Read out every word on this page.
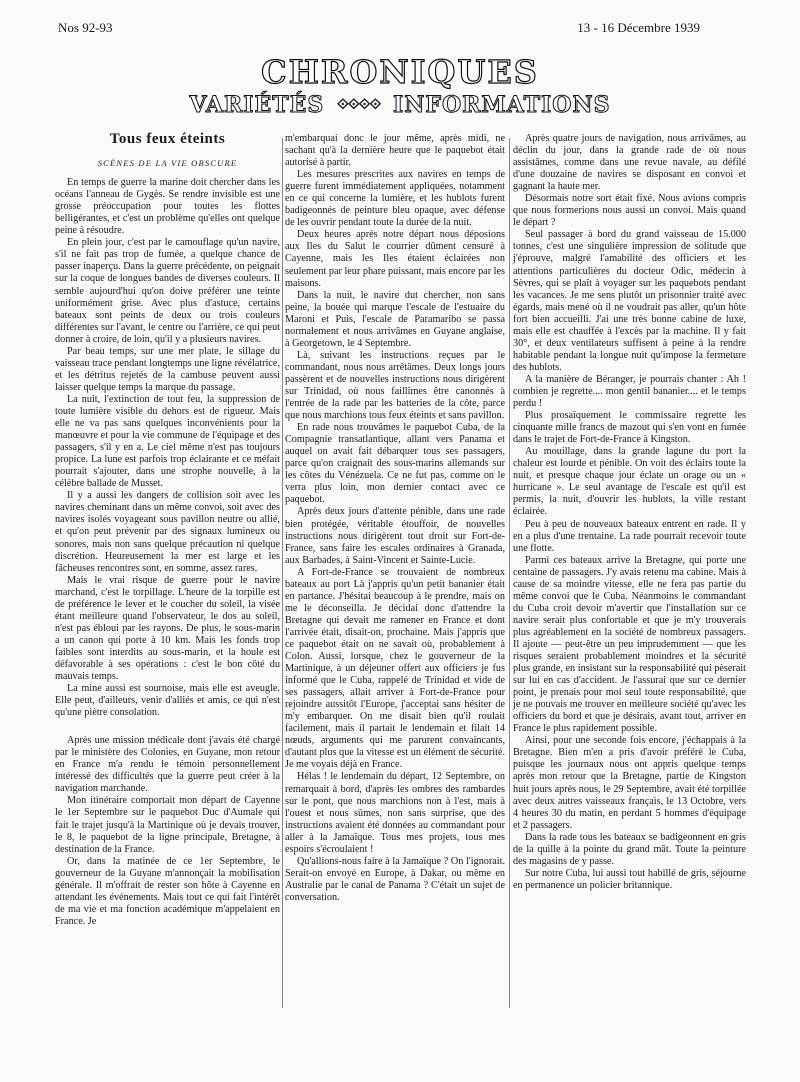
Nos 92-93	13 - 16 Décembre 1939
CHRONIQUES
VARIÉTÉS ⟐⟐⟐⟐ INFORMATIONS
Tous feux éteints
SCÈNES DE LA VIE OBSCURE

En temps de guerre la marine doit chercher dans les océans l'anneau de Gygès. Se rendre invisible est une grosse préoccupation pour toutes les flottes belligérantes, et c'est un problème qu'elles ont quelque peine à résoudre.

En plein jour, c'est par le camouflage qu'un navire, s'il ne fait pas trop de fumée, a quelque chance de passer inaperçu. Dans la guerre précédente, on peignait sur la coque de longues bandes de diverses couleurs. Il semble aujourd'hui qu'on doive préférer une teinte uniformément grise. Avec plus d'astuce, certains bateaux sont peints de deux ou trois couleurs différentes sur l'avant, le centre ou l'arrière, ce qui peut donner à croire, de loin, qu'il y a plusieurs navires.

Par beau temps, sur une mer plate, le sillage du vaisseau trace pendant longtemps une ligne révélatrice, et les détritus rejetés de la cambuse peuvent aussi laisser quelque temps la marque du passage.

La nuit, l'extinction de tout feu, la suppression de toute lumière visible du dehors est de rigueur. Mais elle ne va pas sans quelques inconvénients pour la manœuvre et pour la vie commune de l'équipage et des passagers, s'il y en a. Le ciel même n'est pas toujours propice. La lune est parfois trop éclairante et ce méfait pourrait s'ajouter, dans une strophe nouvelle, à la célèbre ballade de Musset.

Il y a aussi les dangers de collision soit avec les navires cheminant dans un même convoi, soit avec des navires isolés voyageant sous pavillon neutre ou allié, et qu'on peut prévenir par des signaux lumineux ou sonores, mais non sans quelque précaution ni quelque discrétion. Heureusement la mer est large et les fâcheuses rencontres sont, en somme, assez rares.

Mais le vrai risque de guerre pour le navire marchand, c'est le torpillage. L'heure de la torpille est de préférence le lever et le coucher du soleil, la visée étant meilleure quand l'observateur, le dos au soleil, n'est pas ébloui par les rayons. De plus, le sous-marin a un canon qui porte à 10 km. Mais les fonds trop faibles sont interdits au sous-marin, et la houle est défavorable à ses opérations : c'est le bon côté du mauvais temps.

La mine aussi est sournoise, mais elle est aveugle. Elle peut, d'ailleurs, venir d'alliés et amis, ce qui n'est qu'une piètre consolation.

Après une mission médicale dont j'avais été chargé par le ministère des Colonies, en Guyane, mon retour en France m'a rendu le témoin personnellement intéressé des difficultés que la guerre peut créer à la navigation marchande.

Mon itinéraire comportait mon départ de Cayenne le 1er Septembre sur le paquebot Duc d'Aumale qui fait le trajet jusqu'à la Martinique où je devais trouver, le 8, le paquebot de la ligne principale, Bretagne, à destination de la France.

Or, dans la matinée de ce 1er Septembre, le gouverneur de la Guyane m'annonçait la mobilisation générale. Il m'offrait de rester son hôte à Cayenne en attendant les événements. Mais tout ce qui fait l'intérêt de ma vie et ma fonction académique m'appelaient en France. Je

m'embarquai donc le jour même, après midi, ne sachant qu'à la dernière heure que le paquebot était autorisé à partir.

Les mesures prescrites aux navires en temps de guerre furent immédiatement appliquées, notamment en ce qui concerne la lumière, et les hublots furent badigeonnés de peinture bleu opaque, avec défense de les ouvrir pendant toute la durée de la nuit.

Deux heures après notre départ nous déposions aux Iles du Salut le courrier dûment censuré à Cayenne, mais les Iles étaient éclairées non seulement par leur phare puissant, mais encore par les maisons.

Dans la nuit, le navire dut chercher, non sans peine, la bouée qui marque l'escale de l'estuaire du Maroni et Puis, l'escale de Paramaribo se passa normalement et nous arrivâmes en Guyane anglaise, à Georgetown, le 4 Septembre.

Là, suivant les instructions reçues par le commandant, nous nous arrêtâmes. Deux longs jours passèrent et de nouvelles instructions nous dirigèrent sur Trinidad, où nous faillîmes être canonnés à l'entrée de la rade par les batteries de la côte, parce que nous marchions tous feux éteints et sans pavillon.

En rade nous trouvâmes le paquebot Cuba, de la Compagnie transatlantique, allant vers Panama et auquel on avait fait débarquer tous ses passagers, parce qu'on craignait des sous-marins allemands sur les côtes du Vénézuela. Ce ne fut pas, comme on le verra plus loin, mon dernier contact avec ce paquebot.

Après deux jours d'attente pénible, dans une rade bien protégée, véritable étouffoir, de nouvelles instructions nous dirigèrent tout droit sur Fort-de-France, sans faire les escales ordinaires à Granada, aux Barbades, à Saint-Vincent et Sainte-Lucie.

A Fort-de-France se trouvaient de nombreux bateaux au port Là j'appris qu'un petit bananier était en partance. J'hésitai beaucoup à le prendre, mais on me le déconseilla. Je décidai donc d'attendre la Bretagne qui devait me ramener en France et dont l'arrivée était, disait-on, prochaine. Mais j'appris que ce paquebot était on ne savait où, probablement à Colon. Aussi, lorsque, chez le gouverneur de la Martinique, à un déjeuner offert aux officiers je fus informé que le Cuba, rappelé de Trinidad et vide de ses passagers, allait arriver à Fort-de-France pour rejoindre aussitôt l'Europe, j'acceptai sans hésiter de m'y embarquer. On me disait bien qu'il roulait facilement, mais il partait le lendemain et filait 14 nœuds, arguments qui me parurent convaincants, d'autant plus que la vitesse est un élément de sécurité. Je me voyais déjà en France.

Hélas ! le lendemain du départ, 12 Septembre, on remarquait à bord, d'après les ombres des rambardes sur le pont, que nous marchions non à l'est, mais à l'ouest et nous sûmes, non sans surprise, que des instructions avaient été données au commandant pour aller à la Jamaïque. Tous mes projets, tous mes espoirs s'écroulaient !

Qu'allions-nous faire à la Jamaïque ? On l'ignorait. Serait-on envoyé en Europe, à Dakar, ou même en Australie par le canal de Panama ? C'était un sujet de conversation.

Après quatre jours de navigation, nous arrivâmes, au déclin du jour, dans la grande rade de où nous assistâmes, comme dans une revue navale, au défilé d'une douzaine de navires se disposant en convoi et gagnant la haute mer.

Désormais notre sort était fixé. Nous avions compris que nous formerions nous aussi un convoi. Mais quand le départ ?

Seul passager à bord du grand vaisseau de 15.000 tonnes, c'est une singulière impression de solitude que j'éprouve, malgré l'amabilité des officiers et les attentions particulières du docteur Odic, médecin à Sèvres, qui se plaît à voyager sur les paquebots pendant les vacances. Je me sens plutôt un prisonnier traité avec égards, mais mené où il ne voudrait pas aller, qu'un hôte fort bien accueilli. J'ai une très bonne cabine de luxe, mais elle est chauffée à l'excès par la machine. Il y fait 30°, et deux ventilateurs suffisent à peine à la rendre habitable pendant la longue nuit qu'impose la fermeture des hublots.

A la manière de Béranger, je pourrais chanter : Ah ! combien je regrette.... mon gentil bananier.... et le temps perdu !

Plus prosaïquement le commissaire regrette les cinquante mille francs de mazout qui s'en vont en fumée dans le trajet de Fort-de-France à Kingston.

Au mouillage, dans la grande lagune du port la chaleur est lourde et pénible. On voit des éclairs toute la nuit, et presque chaque jour éclate un orage ou un « hurricane ». Le seul avantage de l'escale est qu'il est permis, la nuit, d'ouvrir les hublots, la ville restant éclairée.

Peu à peu de nouveaux bateaux entrent en rade. Il y en a plus d'une trentaine. La rade pourrait recevoir toute une flotte.

Parmi ces bateaux arrive la Bretagne, qui porte une centaine de passagers. J'y avais retenu ma cabine. Mais à cause de sa moindre vitesse, elle ne fera pas partie du même convoi que le Cuba. Néanmoins le commandant du Cuba croit devoir m'avertir que l'installation sur ce navire serait plus confortable et que je m'y trouverais plus agréablement en la société de nombreux passagers. Il ajoute — peut-être un peu imprudemment — que les risques seraient probablement moindres et la sécurité plus grande, en insistant sur la responsabilité qui pèserait sur lui en cas d'accident. Je l'assurai que sur ce dernier point, je prenais pour moi seul toute responsabilité, que je ne pouvais me trouver en meilleure société qu'avec les officiers du bord et que je désirais, avant tout, arriver en France le plus rapidement possible.

Ainsi, pour une seconde fois encore, j'échappais à la Bretagne. Bien m'en a pris d'avoir préféré le Cuba, puisque les journaux nous ont appris quelque temps après mon retour que la Bretagne, partie de Kingston huit jours après nous, le 29 Septembre, avait été torpillée avec deux autres vaisseaux français, le 13 Octobre, vers 4 heures 30 du matin, en perdant 5 hommes d'équipage et 2 passagers.

Dans la rade tous les bateaux se badigeonnent en gris de la quille à la pointe du grand mât. Toute la peinture des magasins de y passe.

Sur notre Cuba, lui aussi tout habillé de gris, séjourne en permanence un policier britannique.
